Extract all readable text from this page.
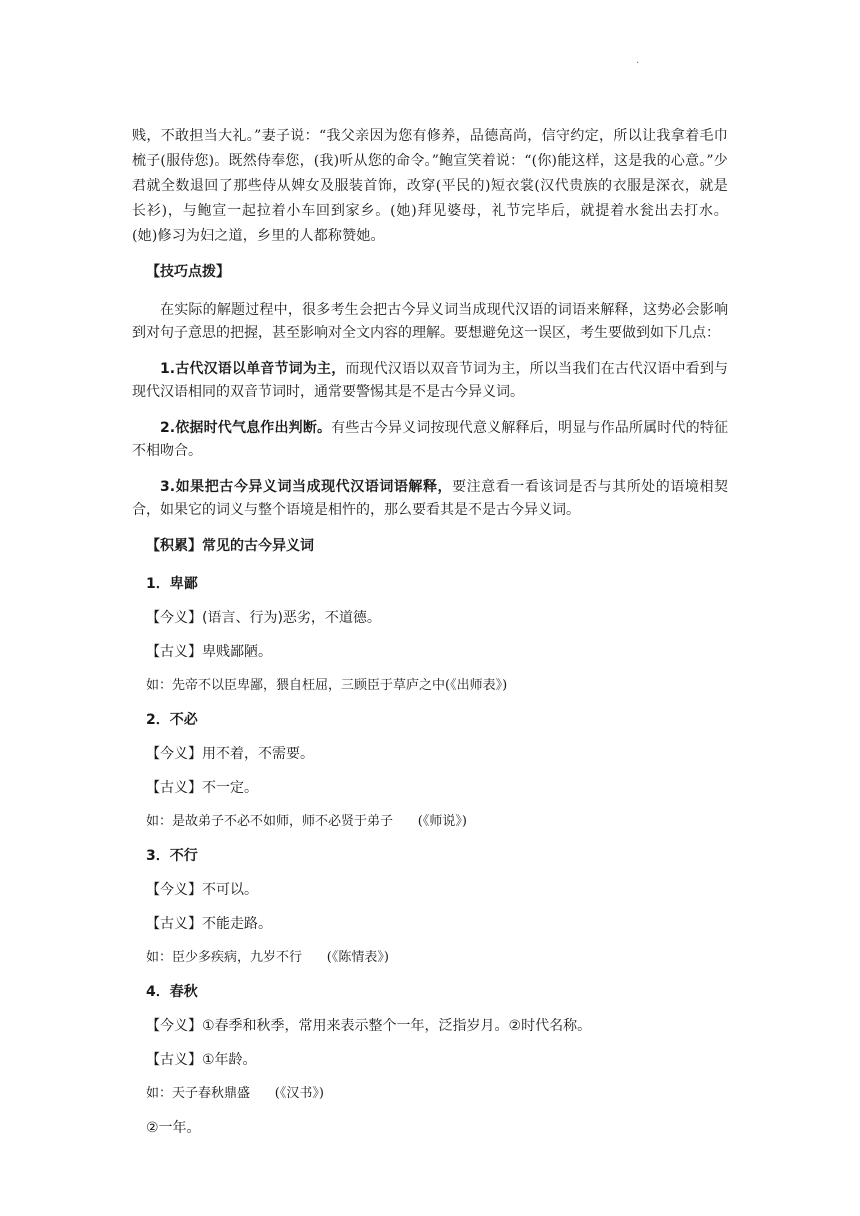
·

贱，不敢担当大礼。”妻子说：“我父亲因为您有修养，品德高尚，信守约定，所以让我拿着毛巾梳子(服侍您)。既然侍奉您，(我)听从您的命令。”鲍宣笑着说：“(你)能这样，这是我的心意。”少君就全数退回了那些侍从婢女及服装首饰，改穿(平民的)短衣裳(汉代贵族的衣服是深衣，就是长衫)，与鲍宣一起拉着小车回到家乡。(她)拜见婆母，礼节完毕后，就提着水瓮出去打水。(她)修习为妇之道，乡里的人都称赞她。

【技巧点拨】

在实际的解题过程中，很多考生会把古今异义词当成现代汉语的词语来解释，这势必会影响到对句子意思的把握，甚至影响对全文内容的理解。要想避免这一误区，考生要做到如下几点：

1.古代汉语以单音节词为主，而现代汉语以双音节词为主，所以当我们在古代汉语中看到与现代汉语相同的双音节词时，通常要警惕其是不是古今异义词。

2.依据时代气息作出判断。有些古今异义词按现代意义解释后，明显与作品所属时代的特征不相吻合。

3.如果把古今异义词当成现代汉语词语解释，要注意看一看该词是否与其所处的语境相契合，如果它的词义与整个语境是相忤的，那么要看其是不是古今异义词。

【积累】常见的古今异义词
1．卑鄙
【今义】(语言、行为)恶劣，不道德。
【古义】卑贱鄙陋。
如：先帝不以臣卑鄙，猥自枉屈，三顾臣于草庐之中(《出师表》)
2．不必
【今义】用不着，不需要。
【古义】不一定。
如：是故弟子不必不如师，师不必贤于弟子      (《师说》)
3．不行
【今义】不可以。
【古义】不能走路。
如：臣少多疾病，九岁不行      (《陈情表》)
4．春秋
【今义】①春季和秋季，常用来表示整个一年，泛指岁月。②时代名称。
【古义】①年龄。
如：天子春秋鼎盛      (《汉书》)
②一年。
